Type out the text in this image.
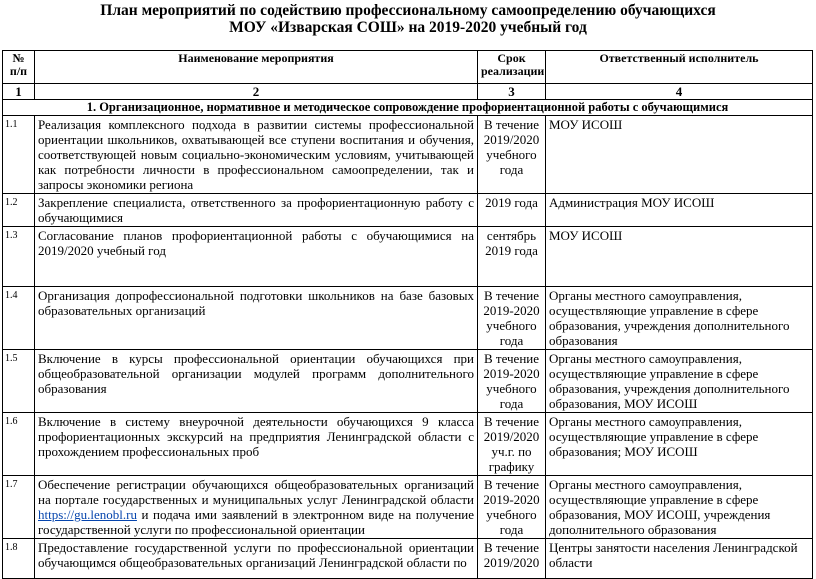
План мероприятий по содействию профессиональному самоопределению обучающихся
МОУ «Изварская СОШ» на 2019-2020 учебный год
№ п/п	Наименование мероприятия	Срок реализации	Ответственный исполнитель
1	2	3	4
1. Организационное, нормативное и методическое сопровождение профориентационной работы с обучающимися			
1.1	Реализация комплексного подхода в развитии системы профессиональной ориентации школьников, охватывающей все ступени воспитания и обучения, соответствующей новым социально-экономическим условиям, учитывающей как потребности личности в профессиональном самоопределении, так и запросы экономики региона	В течение 2019/2020 учебного года	МОУ ИСОШ
1.2	Закрепление специалиста, ответственного за профориентационную работу с обучающимися	2019 года	Администрация МОУ ИСОШ
1.3	Согласование планов профориентационной работы с обучающимися на 2019/2020 учебный год	сентябрь 2019 года	МОУ ИСОШ
1.4	Организация допрофессиональной подготовки школьников на базе базовых образовательных организаций	В течение 2019-2020 учебного года	Органы местного самоуправления, осуществляющие управление в сфере образования, учреждения дополнительного образования
1.5	Включение в курсы профессиональной ориентации обучающихся при общеобразовательной организации модулей программ дополнительного образования	В течение 2019-2020 учебного года	Органы местного самоуправления, осуществляющие управление в сфере образования, учреждения дополнительного образования, МОУ ИСОШ
1.6	Включение в систему внеурочной деятельности обучающихся 9 класса профориентационных экскурсий на предприятия Ленинградской области с прохождением профессиональных проб	В течение 2019/2020 уч.г. по графику	Органы местного самоуправления, осуществляющие управление в сфере образования; МОУ ИСОШ
1.7	Обеспечение регистрации обучающихся общеобразовательных организаций на портале государственных и муниципальных услуг Ленинградской области https://gu.lenobl.ru и подача ими заявлений в электронном виде на получение государственной услуги по профессиональной ориентации	В течение 2019-2020 учебного года	Органы местного самоуправления, осуществляющие управление в сфере образования, МОУ ИСОШ, учреждения дополнительного образования
1.8	Предоставление государственной услуги по профессиональной ориентации обучающимся общеобразовательных организаций Ленинградской области по	В течение 2019/2020	Центры занятости населения Ленинградской области
